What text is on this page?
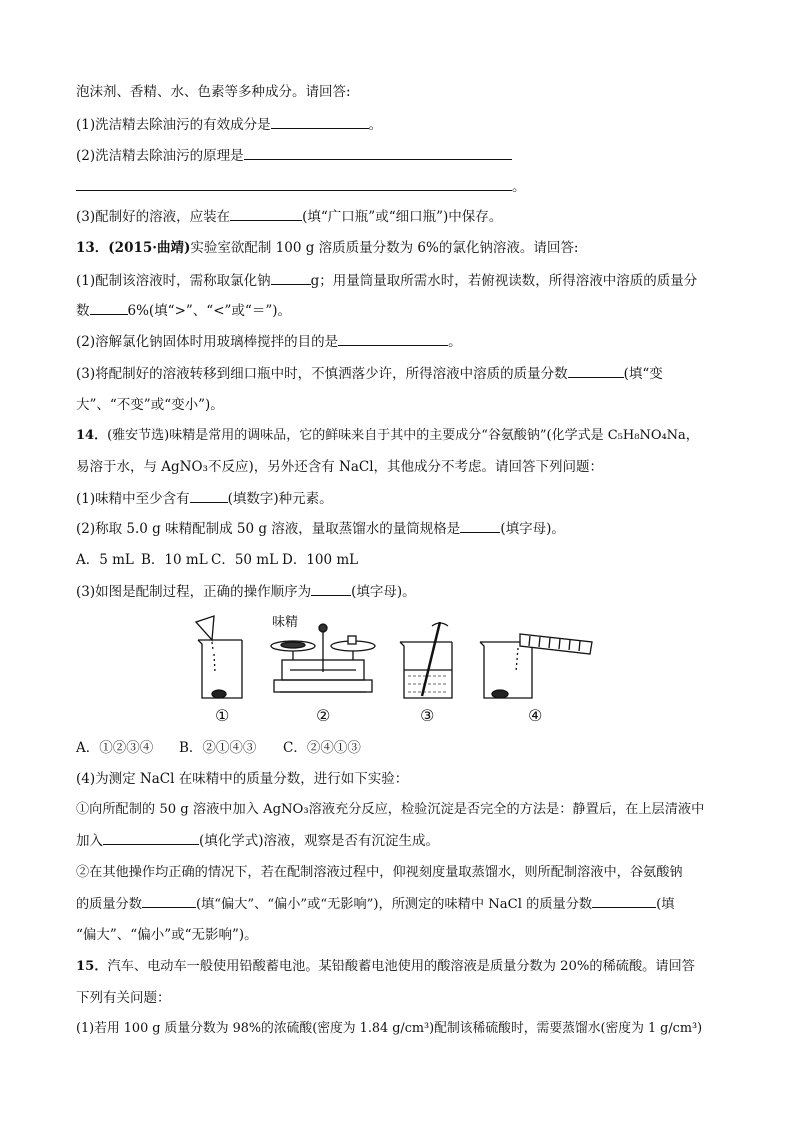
泡沫剂、香精、水、色素等多种成分。请回答:
(1)洗洁精去除油污的有效成分是	。
(2)洗洁精去除油污的原理是
。
(3)配制好的溶液，应装在	(填“广口瓶”或“细口瓶”)中保存。
13．(2015·曲靖)实验室欲配制 100 g 溶质质量分数为 6%的氯化钠溶液。请回答:
(1)配制该溶液时，需称取氯化钠	g；用量筒量取所需水时，若俯视读数，所得溶液中溶质的质量分
数	6%(填“>”、“<”或“＝”)。
(2)溶解氯化钠固体时用玻璃棒搅拌的目的是	。
(3)将配制好的溶液转移到细口瓶中时，不慎洒落少许，所得溶液中溶质的质量分数	(填“变
大”、“不变”或“变小”)。
14．(雅安节选)味精是常用的调味品，它的鲜味来自于其中的主要成分“谷氨酸钠”(化学式是 C₅H₈NO₄Na，
易溶于水，与 AgNO₃不反应)，另外还含有 NaCl，其他成分不考虑。请回答下列问题：
(1)味精中至少含有	(填数字)种元素。
(2)称取 5.0 g 味精配制成 50 g 溶液，量取蒸馏水的量筒规格是	(填字母)。
A．5 mL B．10 mL C．50 mL D．100 mL
(3)如图是配制过程，正确的操作顺序为	(填字母)。
味精
①	②	③	④
A．①②③④ B．②①④③ C．②④①③
(4)为测定 NaCl 在味精中的质量分数，进行如下实验：
①向所配制的 50 g 溶液中加入 AgNO₃溶液充分反应，检验沉淀是否完全的方法是：静置后，在上层清液中
加入	(填化学式)溶液，观察是否有沉淀生成。
②在其他操作均正确的情况下，若在配制溶液过程中，仰视刻度量取蒸馏水，则所配制溶液中，谷氨酸钠
的质量分数	(填“偏大”、“偏小”或“无影响”)，所测定的味精中 NaCl 的质量分数	(填
“偏大”、“偏小”或“无影响”)。
15．汽车、电动车一般使用铅酸蓄电池。某铅酸蓄电池使用的酸溶液是质量分数为 20%的稀硫酸。请回答
下列有关问题：
(1)若用 100 g 质量分数为 98%的浓硫酸(密度为 1.84 g/cm³)配制该稀硫酸时，需要蒸馏水(密度为 1 g/cm³)
